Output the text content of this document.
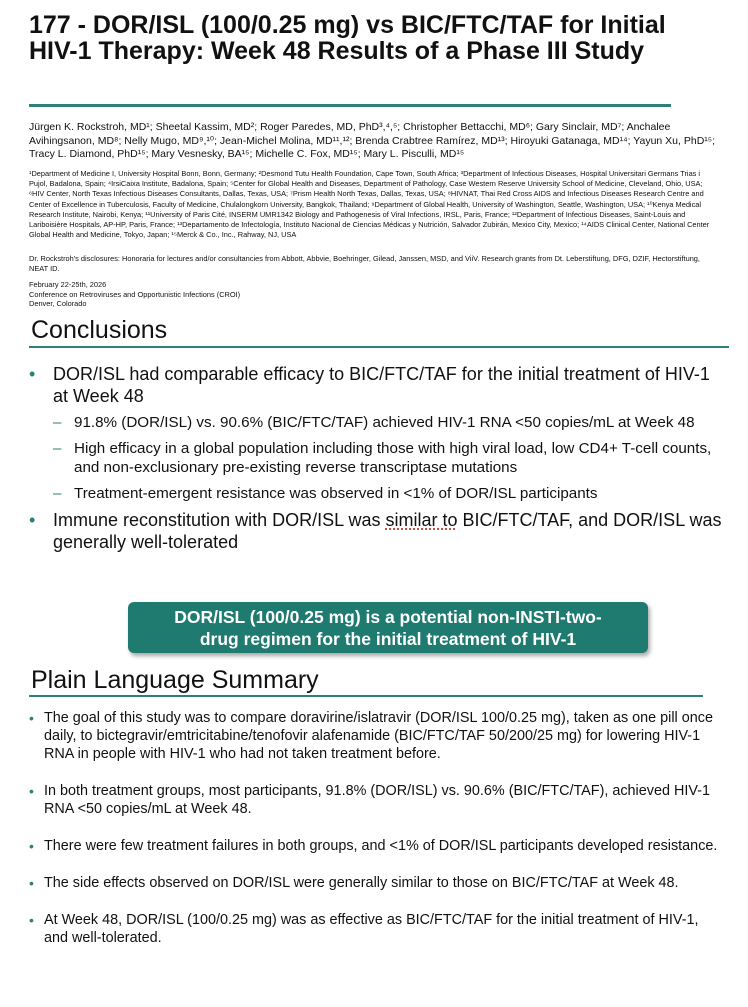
177 - DOR/ISL (100/0.25 mg) vs BIC/FTC/TAF for Initial HIV-1 Therapy: Week 48 Results of a Phase III Study

Jürgen K. Rockstroh, MD¹; Sheetal Kassim, MD²; Roger Paredes, MD, PhD³,⁴,⁵; Christopher Bettacchi, MD⁶; Gary Sinclair, MD⁷; Anchalee Avihingsanon, MD⁸; Nelly Mugo, MD⁹,¹⁰; Jean-Michel Molina, MD¹¹,¹²; Brenda Crabtree Ramírez, MD¹³; Hiroyuki Gatanaga, MD¹⁴; Yayun Xu, PhD¹⁵; Tracy L. Diamond, PhD¹⁵; Mary Vesnesky, BA¹⁵; Michelle C. Fox, MD¹⁵; Mary L. Pisculli, MD¹⁵

¹Department of Medicine I, University Hospital Bonn, Bonn, Germany; ²Desmond Tutu Health Foundation, Cape Town, South Africa; ³Department of Infectious Diseases, Hospital Universitari Germans Trias i Pujol, Badalona, Spain; ⁴IrsiCaixa Institute, Badalona, Spain; ⁵Center for Global Health and Diseases, Department of Pathology, Case Western Reserve University School of Medicine, Cleveland, Ohio, USA; ⁶HIV Center, North Texas Infectious Diseases Consultants, Dallas, Texas, USA; ⁷Prism Health North Texas, Dallas, Texas, USA; ⁸HIVNAT, Thai Red Cross AIDS and Infectious Diseases Research Centre and Center of Excellence in Tuberculosis, Faculty of Medicine, Chulalongkorn University, Bangkok, Thailand; ⁹Department of Global Health, University of Washington, Seattle, Washington, USA; ¹⁰Kenya Medical Research Institute, Nairobi, Kenya; ¹¹University of Paris Cité, INSERM UMR1342 Biology and Pathogenesis of Viral Infections, IRSL, Paris, France; ¹²Department of Infectious Diseases, Saint-Louis and Lariboisière Hospitals, AP-HP, Paris, France; ¹³Departamento de Infectología, Instituto Nacional de Ciencias Médicas y Nutrición, Salvador Zubirán, Mexico City, Mexico; ¹⁴AIDS Clinical Center, National Center Global Health and Medicine, Tokyo, Japan; ¹⁵Merck & Co., Inc., Rahway, NJ, USA

Dr. Rockstroh's disclosures: Honoraria for lectures and/or consultancies from Abbott, Abbvie, Boehringer, Gilead, Janssen, MSD, and ViiV. Research grants from Dt. Leberstiftung, DFG, DZIF, Hectorstiftung, NEAT ID.

February 22-25th, 2026
Conference on Retroviruses and Opportunistic Infections (CROI)
Denver, Colorado
Conclusions
• DOR/ISL had comparable efficacy to BIC/FTC/TAF for the initial treatment of HIV-1 at Week 48
– 91.8% (DOR/ISL) vs. 90.6% (BIC/FTC/TAF) achieved HIV-1 RNA <50 copies/mL at Week 48
– High efficacy in a global population including those with high viral load, low CD4+ T-cell counts, and non-exclusionary pre-existing reverse transcriptase mutations
– Treatment-emergent resistance was observed in <1% of DOR/ISL participants
• Immune reconstitution with DOR/ISL was similar to BIC/FTC/TAF, and DOR/ISL was generally well-tolerated
DOR/ISL (100/0.25 mg) is a potential non-INSTI-two-
drug regimen for the initial treatment of HIV-1
Plain Language Summary
• The goal of this study was to compare doravirine/islatravir (DOR/ISL 100/0.25 mg), taken as one pill once daily, to bictegravir/emtricitabine/tenofovir alafenamide (BIC/FTC/TAF 50/200/25 mg) for lowering HIV-1 RNA in people with HIV-1 who had not taken treatment before.
• In both treatment groups, most participants, 91.8% (DOR/ISL) vs. 90.6% (BIC/FTC/TAF), achieved HIV-1 RNA <50 copies/mL at Week 48.
• There were few treatment failures in both groups, and <1% of DOR/ISL participants developed resistance.
• The side effects observed on DOR/ISL were generally similar to those on BIC/FTC/TAF at Week 48.
• At Week 48, DOR/ISL (100/0.25 mg) was as effective as BIC/FTC/TAF for the initial treatment of HIV-1, and well-tolerated.
